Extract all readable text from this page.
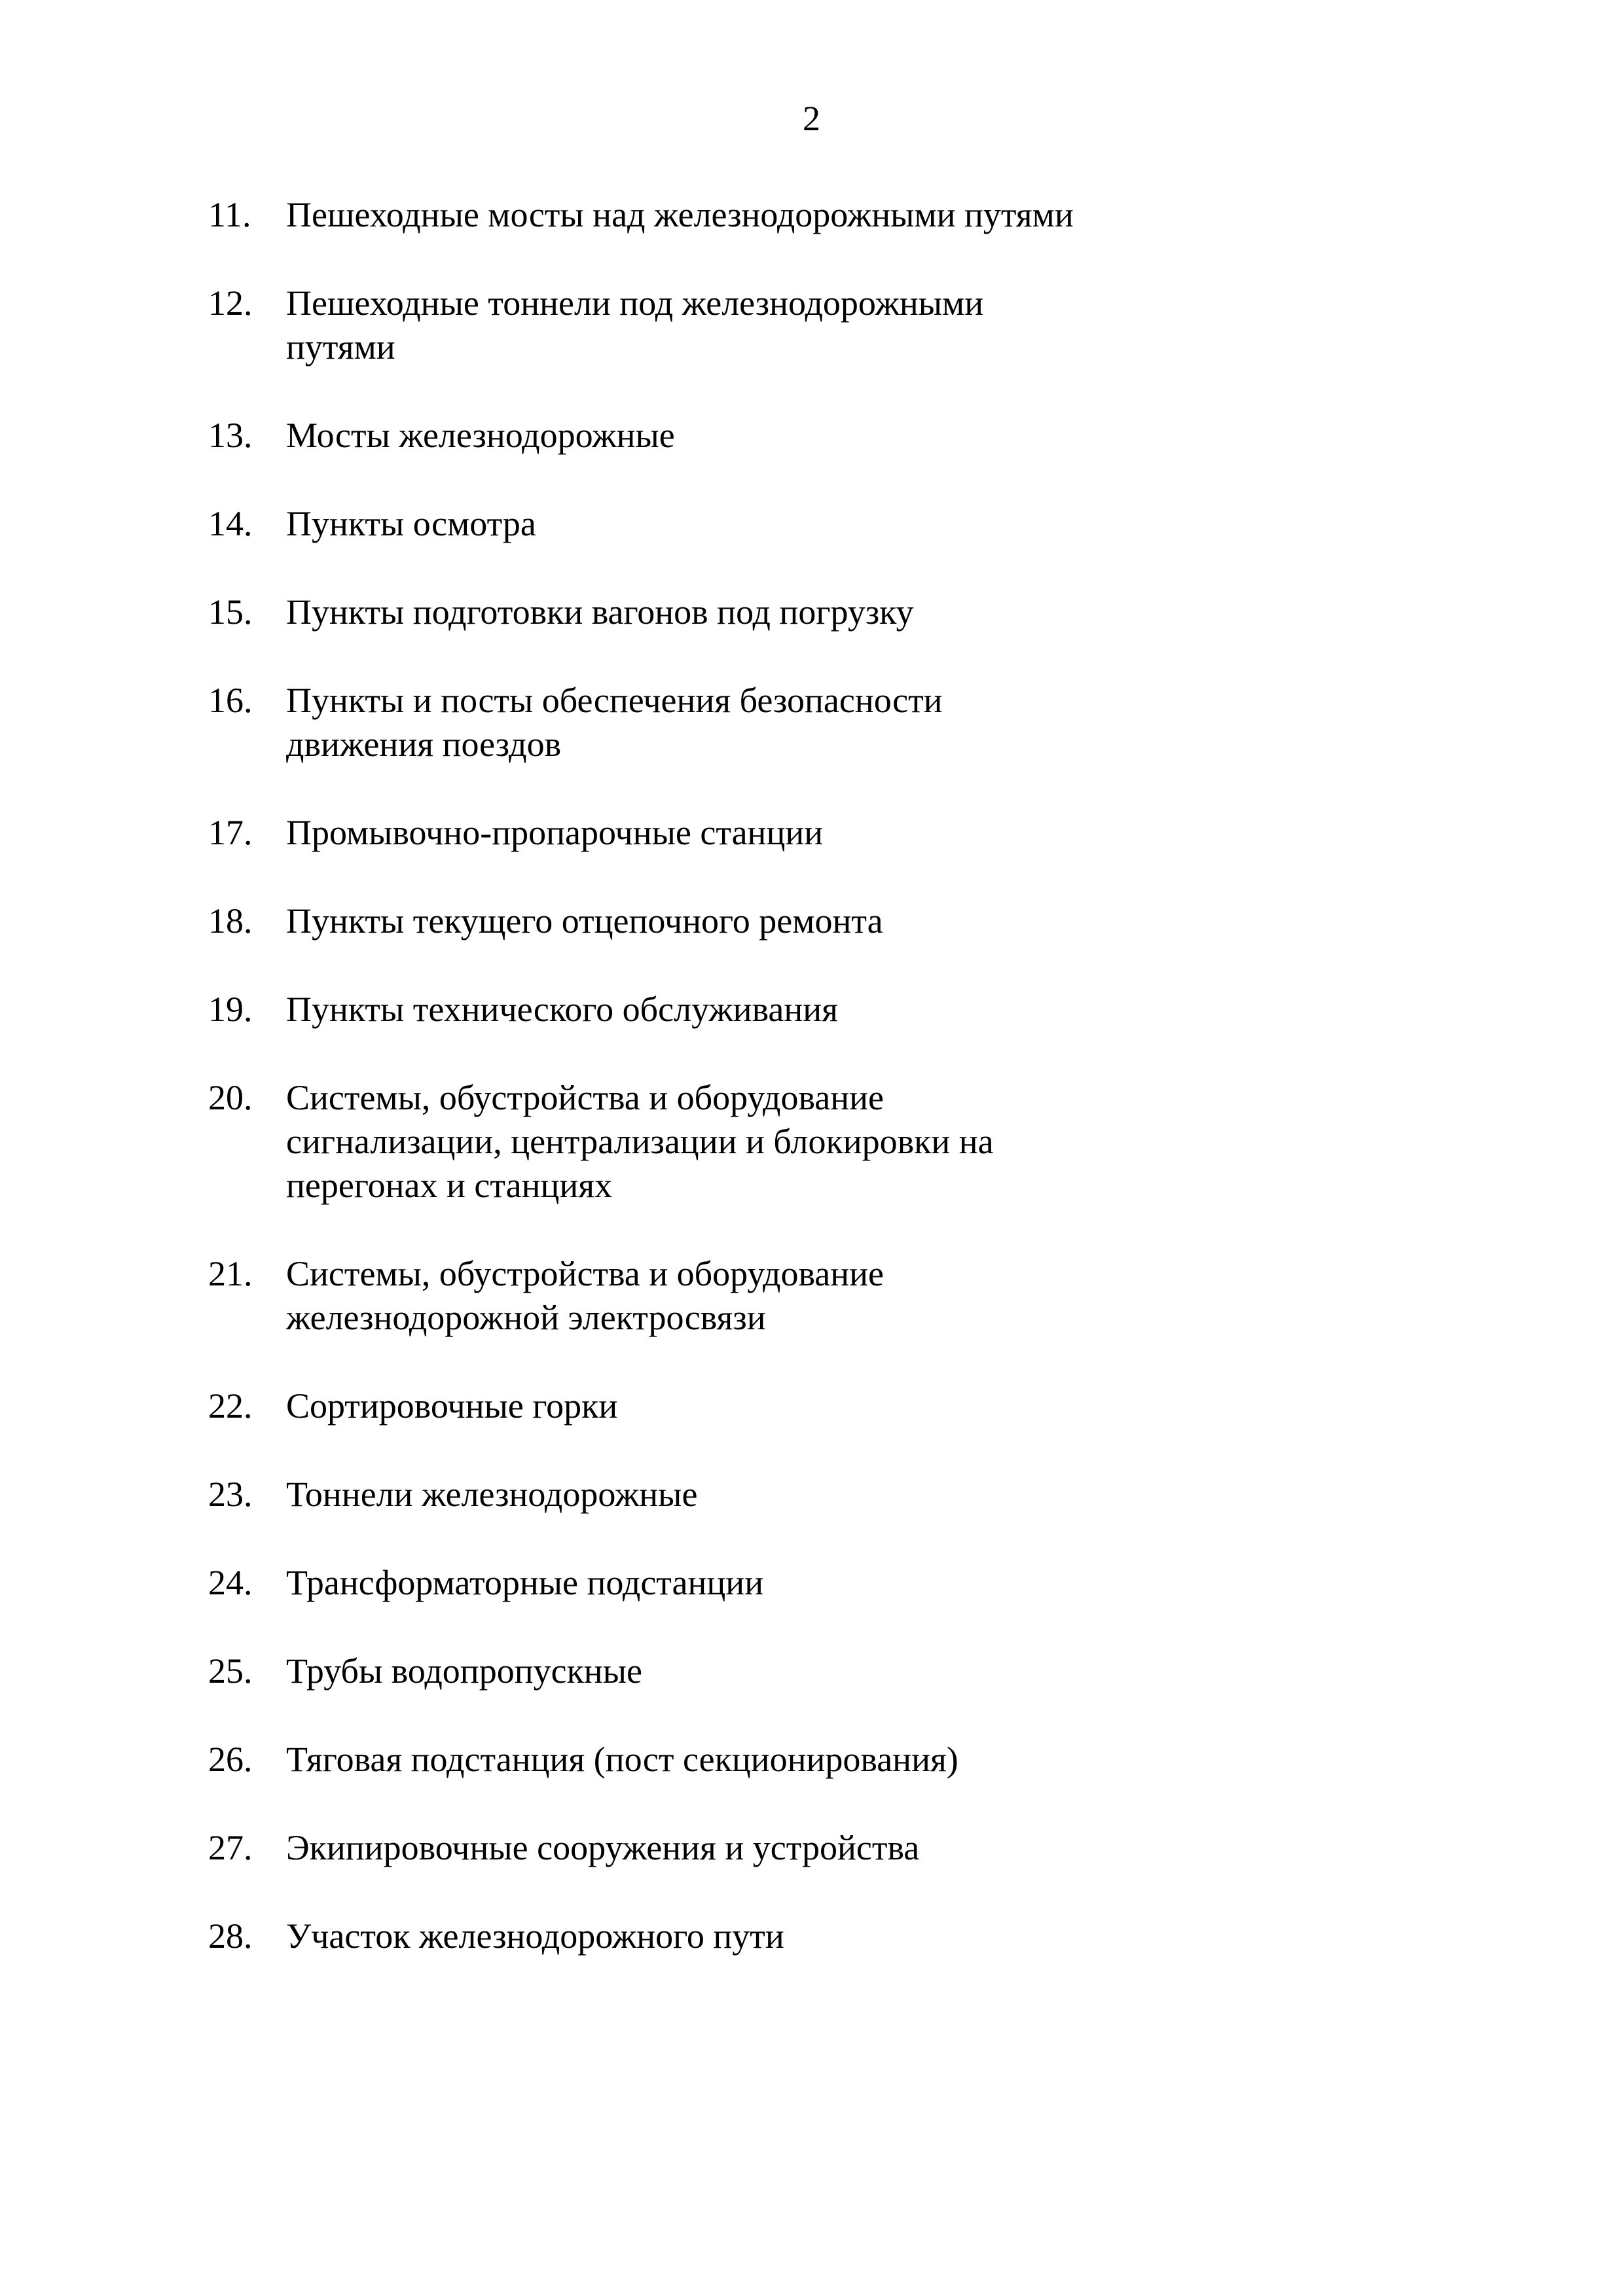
2
11. Пешеходные мосты над железнодорожными путями
12. Пешеходные тоннели под железнодорожными путями
13. Мосты железнодорожные
14. Пункты осмотра
15. Пункты подготовки вагонов под погрузку
16. Пункты и посты обеспечения безопасности движения поездов
17. Промывочно-пропарочные станции
18. Пункты текущего отцепочного ремонта
19. Пункты технического обслуживания
20. Системы, обустройства и оборудование сигнализации, централизации и блокировки на перегонах и станциях
21. Системы, обустройства и оборудование железнодорожной электросвязи
22. Сортировочные горки
23. Тоннели железнодорожные
24. Трансформаторные подстанции
25. Трубы водопропускные
26. Тяговая подстанция (пост секционирования)
27. Экипировочные сооружения и устройства
28. Участок железнодорожного пути
